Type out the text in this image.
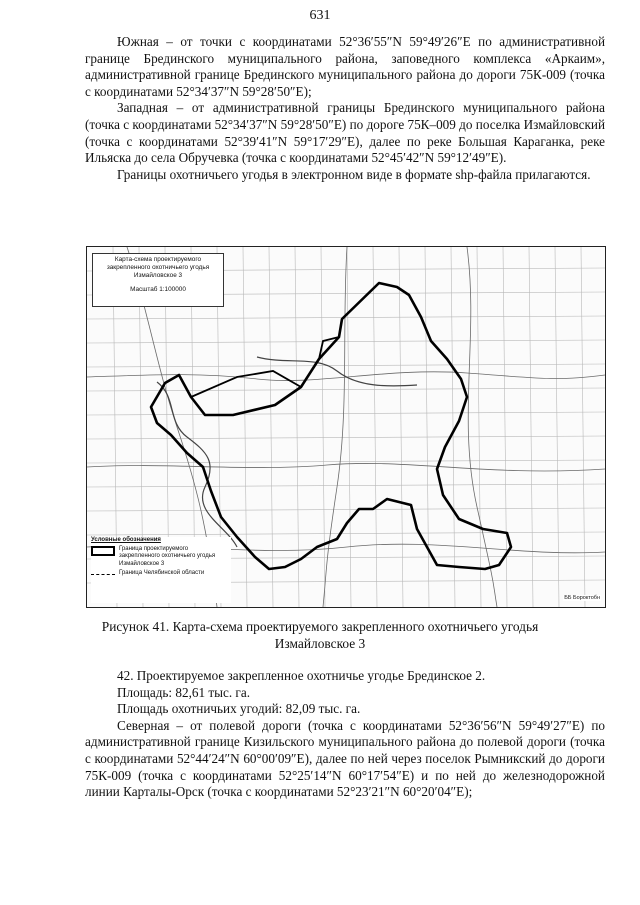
631

Южная – от точки с координатами 52°36′55″N 59°49′26″E по административной границе Брединского муниципального района, заповедного комплекса «Аркаим», административной границе Брединского муниципального района до дороги 75К-009 (точка с координатами 52°34′37″N 59°28′50″E);

Западная – от административной границы Брединского муниципального района (точка с координатами 52°34′37″N 59°28′50″E) по дороге 75К–009 до поселка Измайловский (точка с координатами 52°39′41″N 59°17′29″E), далее по реке Большая Караганка, реке Ильяска до села Обручевка (точка с координатами 52°45′42″N 59°12′49″E).

Границы охотничьего угодья в электронном виде в формате shp-файла прилагаются.

Карта-схема проектируемого
закрепленного охотничьего угодья
Измайловское 3
Масштаб 1:100000
Условные обозначения
Граница проектируемого
закрепленного охотничьего угодья
Измайловское 3
Граница Челябинской области
ББ Бороктобн
Рисунок 41. Карта-схема проектируемого закрепленного охотничьего угодья
Измайловское 3

42. Проектируемое закрепленное охотничье угодье Брединское 2.

Площадь: 82,61 тыс. га.

Площадь охотничьих угодий: 82,09 тыс. га.

Северная – от полевой дороги (точка с координатами 52°36′56″N 59°49′27″E) по административной границе Кизильского муниципального района до полевой дороги (точка с координатами 52°44′24″N 60°00′09″E), далее по ней через поселок Рымникский до дороги 75К-009 (точка с координатами 52°25′14″N 60°17′54″E) и по ней до железнодорожной линии Карталы-Орск (точка с координатами 52°23′21″N 60°20′04″E);
